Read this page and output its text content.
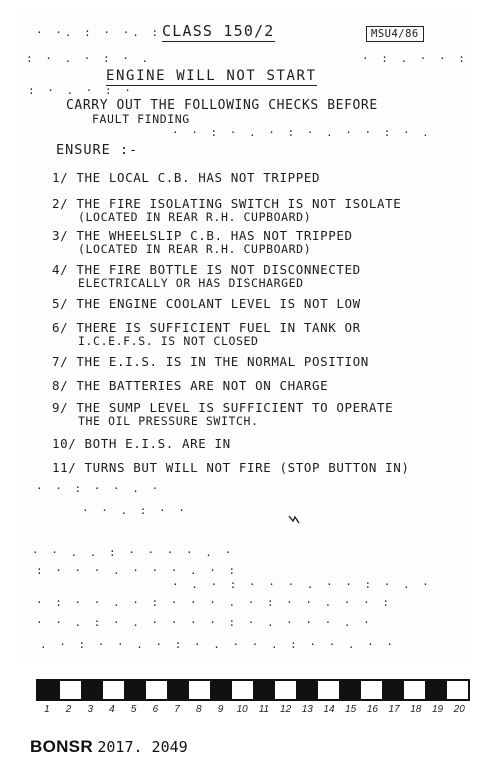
· ·. : · ·. : CLASS 150/2	MSU4/86
: · . · : · .	· : . · · :
ENGINE WILL NOT START
: · . · : ·
CARRY OUT THE FOLLOWING CHECKS BEFORE
FAULT FINDING
· · : · . · : · . · · : · .
ENSURE :-
1/ THE LOCAL C.B. HAS NOT TRIPPED
2/ THE FIRE ISOLATING SWITCH IS NOT ISOLATE
(LOCATED IN REAR R.H. CUPBOARD)
3/ THE WHEELSLIP C.B. HAS NOT TRIPPED
(LOCATED IN REAR R.H. CUPBOARD)
4/ THE FIRE BOTTLE IS NOT DISCONNECTED
ELECTRICALLY OR HAS DISCHARGED
5/ THE ENGINE COOLANT LEVEL IS NOT LOW
6/ THERE IS SUFFICIENT FUEL IN TANK OR
I.C.E.F.S. IS NOT CLOSED
7/ THE E.I.S. IS IN THE NORMAL POSITION
8/ THE BATTERIES ARE NOT ON CHARGE
9/ THE SUMP LEVEL IS SUFFICIENT TO OPERATE
THE OIL PRESSURE SWITCH.
10/ BOTH E.I.S. ARE IN
11/ TURNS BUT WILL NOT FIRE (STOP BUTTON IN)
· · : · · . ·
· · . : · ·
· · . . : · · · · . ·
: · · · . · · · . · :
· . · : · · · . · · : · . ·
· : · · . · : · · · . · : · · . · · :
· · . : · . · · · · : · . · · · . ·
. · : · · . · : · . · · . : · · . · ·
1	2	3	4	5	6	7	8	9	10	11	12	13	14	15	16	17	18	19	20
BONSR 2017. 2049
